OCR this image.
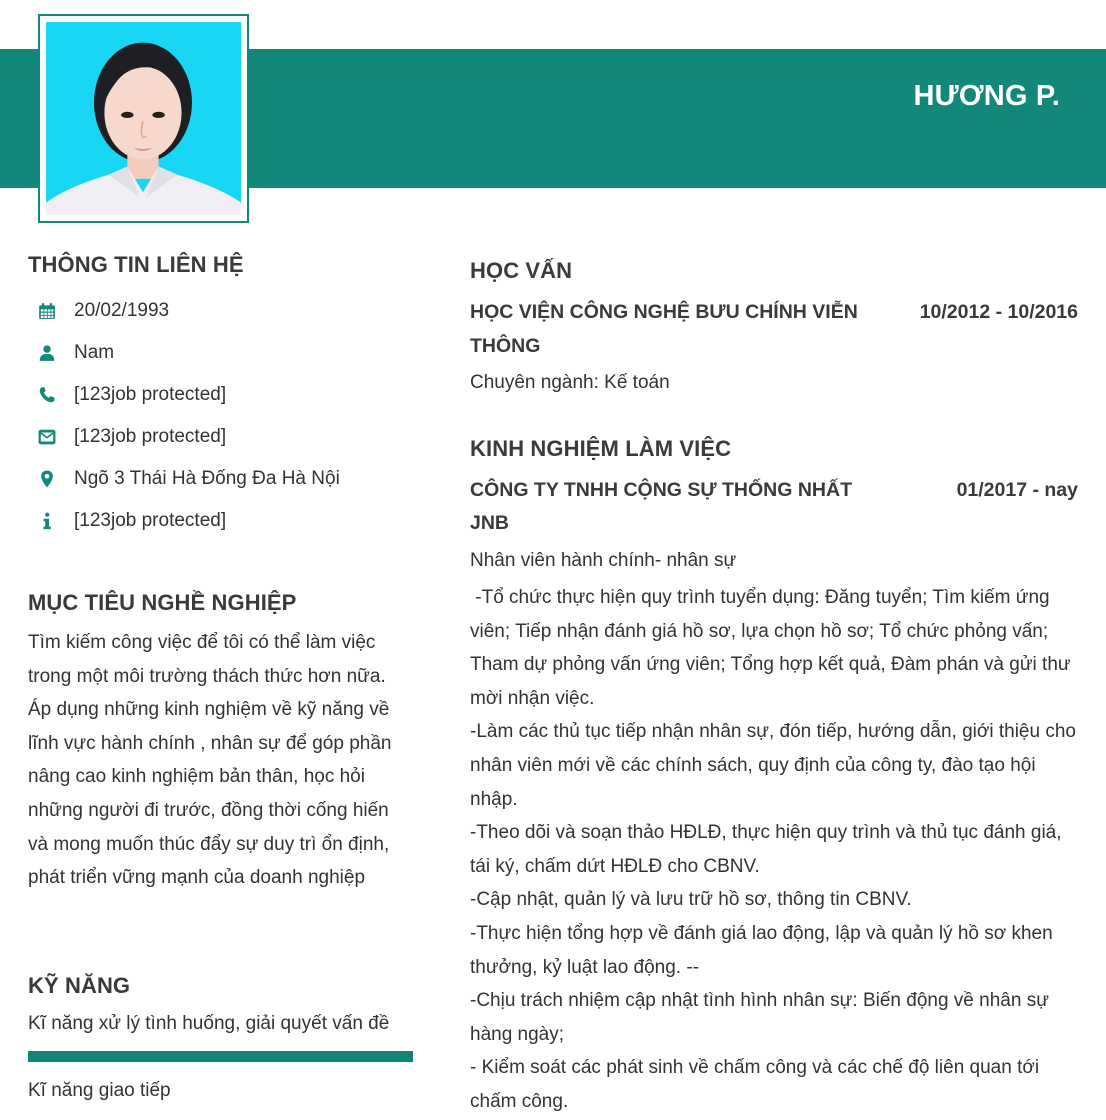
HƯƠNG P.
THÔNG TIN LIÊN HỆ
20/02/1993
Nam
[123job protected]
[123job protected]
Ngõ 3 Thái Hà Đống Đa Hà Nội
[123job protected]
MỤC TIÊU NGHỀ NGHIỆP

Tìm kiếm công việc để tôi có thể làm việc trong một môi trường thách thức hơn nữa. Áp dụng những kinh nghiệm về kỹ năng về lĩnh vực hành chính , nhân sự để góp phần nâng cao kinh nghiệm bản thân, học hỏi những người đi trước, đồng thời cống hiến và mong muốn thúc đẩy sự duy trì ổn định, phát triển vững mạnh của doanh nghiệp

KỸ NĂNG
Kĩ năng xử lý tình huống, giải quyết vấn đề
Kĩ năng giao tiếp
HỌC VẤN
HỌC VIỆN CÔNG NGHỆ BƯU CHÍNH VIỄN THÔNG
10/2012 - 10/2016
Chuyên ngành: Kế toán
KINH NGHIỆM LÀM VIỆC
CÔNG TY TNHH CỘNG SỰ THỐNG NHẤT JNB
01/2017 - nay
Nhân viên hành chính- nhân sự

-Tổ chức thực hiện quy trình tuyển dụng: Đăng tuyển; Tìm kiếm ứng viên; Tiếp nhận đánh giá hồ sơ, lựa chọn hồ sơ; Tổ chức phỏng vấn; Tham dự phỏng vấn ứng viên; Tổng hợp kết quả, Đàm phán và gửi thư mời nhận việc.

-Làm các thủ tục tiếp nhận nhân sự, đón tiếp, hướng dẫn, giới thiệu cho nhân viên mới về các chính sách, quy định của công ty, đào tạo hội nhập.

-Theo dõi và soạn thảo HĐLĐ, thực hiện quy trình và thủ tục đánh giá, tái ký, chấm dứt HĐLĐ cho CBNV.

-Cập nhật, quản lý và lưu trữ hồ sơ, thông tin CBNV.

-Thực hiện tổng hợp về đánh giá lao động, lập và quản lý hồ sơ khen thưởng, kỷ luật lao động. --

-Chịu trách nhiệm cập nhật tình hình nhân sự: Biến động về nhân sự hàng ngày;

- Kiểm soát các phát sinh về chấm công và các chế độ liên quan tới chấm công.
